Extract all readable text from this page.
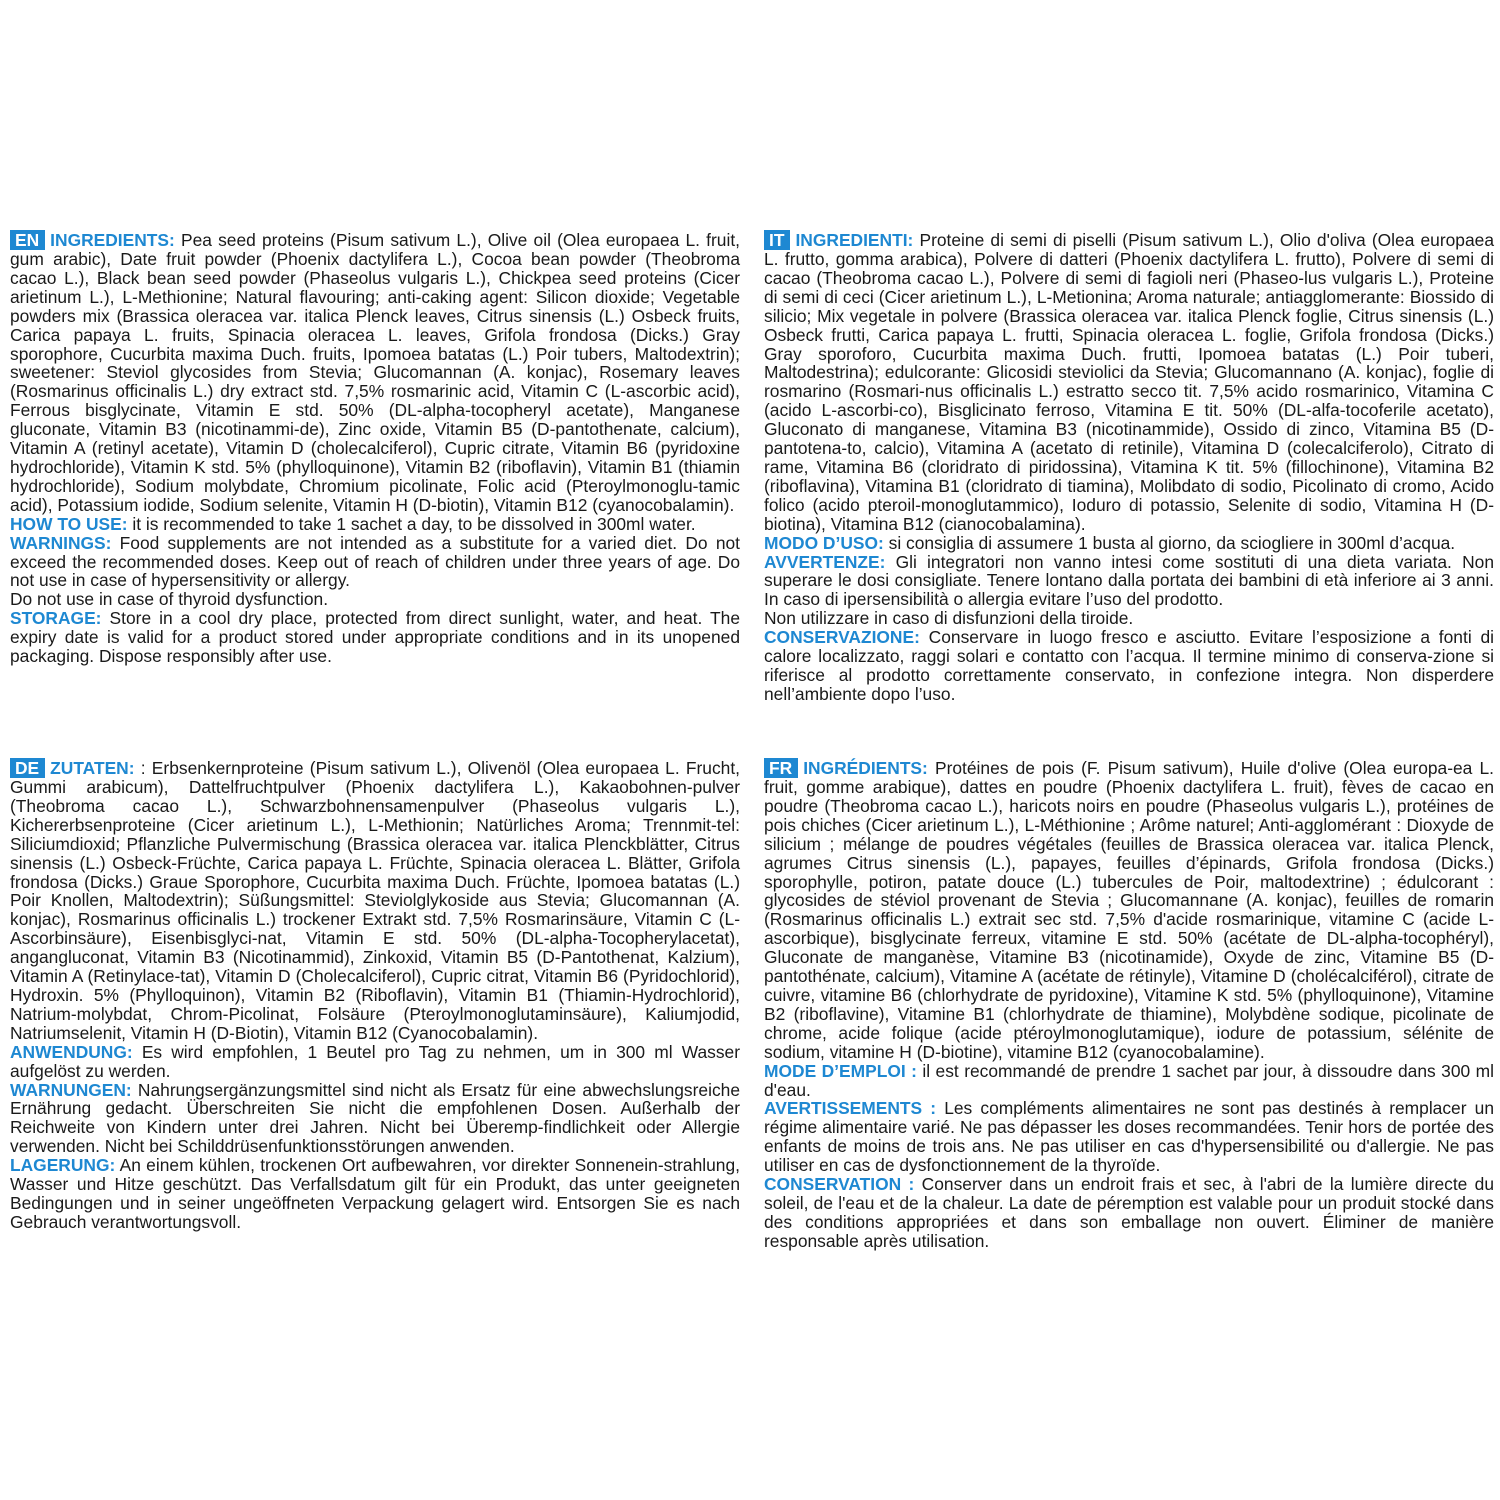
EN INGREDIENTS: Pea seed proteins (Pisum sativum L.), Olive oil (Olea europaea L. fruit, gum arabic), Date fruit powder (Phoenix dactylifera L.), Cocoa bean powder (Theobroma cacao L.), Black bean seed powder (Phaseolus vulgaris L.), Chickpea seed proteins (Cicer arietinum L.), L-Methionine; Natural flavouring; anti-caking agent: Silicon dioxide; Vegetable powders mix (Brassica oleracea var. italica Plenck leaves, Citrus sinensis (L.) Osbeck fruits, Carica papaya L. fruits, Spinacia oleracea L. leaves, Grifola frondosa (Dicks.) Gray sporophore, Cucurbita maxima Duch. fruits, Ipomoea batatas (L.) Poir tubers, Maltodextrin); sweetener: Steviol glycosides from Stevia; Glucomannan (A. konjac), Rosemary leaves (Rosmarinus officinalis L.) dry extract std. 7,5% rosmarinic acid, Vitamin C (L-ascorbic acid), Ferrous bisglycinate, Vitamin E std. 50% (DL-alpha-tocopheryl acetate), Manganese gluconate, Vitamin B3 (nicotinammi-de), Zinc oxide, Vitamin B5 (D-pantothenate, calcium), Vitamin A (retinyl acetate), Vitamin D (cholecalciferol), Cupric citrate, Vitamin B6 (pyridoxine hydrochloride), Vitamin K std. 5% (phylloquinone), Vitamin B2 (riboflavin), Vitamin B1 (thiamin hydrochloride), Sodium molybdate, Chromium picolinate, Folic acid (Pteroylmonoglu-tamic acid), Potassium iodide, Sodium selenite, Vitamin H (D-biotin), Vitamin B12 (cyanocobalamin).

HOW TO USE: it is recommended to take 1 sachet a day, to be dissolved in 300ml water.

WARNINGS: Food supplements are not intended as a substitute for a varied diet. Do not exceed the recommended doses. Keep out of reach of children under three years of age. Do not use in case of hypersensitivity or allergy.

Do not use in case of thyroid dysfunction.

STORAGE: Store in a cool dry place, protected from direct sunlight, water, and heat. The expiry date is valid for a product stored under appropriate conditions and in its unopened packaging. Dispose responsibly after use.

IT INGREDIENTI: Proteine di semi di piselli (Pisum sativum L.), Olio d'oliva (Olea europaea L. frutto, gomma arabica), Polvere di datteri (Phoenix dactylifera L. frutto), Polvere di semi di cacao (Theobroma cacao L.), Polvere di semi di fagioli neri (Phaseo-lus vulgaris L.), Proteine di semi di ceci (Cicer arietinum L.), L-Metionina; Aroma naturale; antiagglomerante: Biossido di silicio; Mix vegetale in polvere (Brassica oleracea var. italica Plenck foglie, Citrus sinensis (L.) Osbeck frutti, Carica papaya L. frutti, Spinacia oleracea L. foglie, Grifola frondosa (Dicks.) Gray sporoforo, Cucurbita maxima Duch. frutti, Ipomoea batatas (L.) Poir tuberi, Maltodestrina); edulcorante: Glicosidi steviolici da Stevia; Glucomannano (A. konjac), foglie di rosmarino (Rosmari-nus officinalis L.) estratto secco tit. 7,5% acido rosmarinico, Vitamina C (acido L-ascorbi-co), Bisglicinato ferroso, Vitamina E tit. 50% (DL-alfa-tocoferile acetato), Gluconato di manganese, Vitamina B3 (nicotinammide), Ossido di zinco, Vitamina B5 (D-pantotena-to, calcio), Vitamina A (acetato di retinile), Vitamina D (colecalciferolo), Citrato di rame, Vitamina B6 (cloridrato di piridossina), Vitamina K tit. 5% (fillochinone), Vitamina B2 (riboflavina), Vitamina B1 (cloridrato di tiamina), Molibdato di sodio, Picolinato di cromo, Acido folico (acido pteroil-monoglutammico), Ioduro di potassio, Selenite di sodio, Vitamina H (D-biotina), Vitamina B12 (cianocobalamina).

MODO D’USO: si consiglia di assumere 1 busta al giorno, da sciogliere in 300ml d’acqua.

AVVERTENZE: Gli integratori non vanno intesi come sostituti di una dieta variata. Non superare le dosi consigliate. Tenere lontano dalla portata dei bambini di età inferiore ai 3 anni. In caso di ipersensibilità o allergia evitare l’uso del prodotto.

Non utilizzare in caso di disfunzioni della tiroide.

CONSERVAZIONE: Conservare in luogo fresco e asciutto. Evitare l’esposizione a fonti di calore localizzato, raggi solari e contatto con l’acqua. Il termine minimo di conserva-zione si riferisce al prodotto correttamente conservato, in confezione integra. Non disperdere nell’ambiente dopo l’uso.

DE ZUTATEN: : Erbsenkernproteine (Pisum sativum L.), Olivenöl (Olea europaea L. Frucht, Gummi arabicum), Dattelfruchtpulver (Phoenix dactylifera L.), Kakaobohnen-pulver (Theobroma cacao L.), Schwarzbohnensamenpulver (Phaseolus vulgaris L.), Kichererbsenproteine (Cicer arietinum L.), L-Methionin; Natürliches Aroma; Trennmit-tel: Siliciumdioxid; Pflanzliche Pulvermischung (Brassica oleracea var. italica Plenckblätter, Citrus sinensis (L.) Osbeck-Früchte, Carica papaya L. Früchte, Spinacia oleracea L. Blätter, Grifola frondosa (Dicks.) Graue Sporophore, Cucurbita maxima Duch. Früchte, Ipomoea batatas (L.) Poir Knollen, Maltodextrin); Süßungsmittel: Steviolglykoside aus Stevia; Glucomannan (A. konjac), Rosmarinus officinalis L.) trockener Extrakt std. 7,5% Rosmarinsäure, Vitamin C (L-Ascorbinsäure), Eisenbisglyci-nat, Vitamin E std. 50% (DL-alpha-Tocopherylacetat), angangluconat, Vitamin B3 (Nicotinammid), Zinkoxid, Vitamin B5 (D-Pantothenat, Kalzium), Vitamin A (Retinylace-tat), Vitamin D (Cholecalciferol), Cupric citrat, Vitamin B6 (Pyridochlorid), Hydroxin. 5% (Phylloquinon), Vitamin B2 (Riboflavin), Vitamin B1 (Thiamin-Hydrochlorid), Natrium-molybdat, Chrom-Picolinat, Folsäure (Pteroylmonoglutaminsäure), Kaliumjodid, Natriumselenit, Vitamin H (D-Biotin), Vitamin B12 (Cyanocobalamin).

ANWENDUNG: Es wird empfohlen, 1 Beutel pro Tag zu nehmen, um in 300 ml Wasser aufgelöst zu werden.

WARNUNGEN: Nahrungsergänzungsmittel sind nicht als Ersatz für eine abwechslungsreiche Ernährung gedacht. Überschreiten Sie nicht die empfohlenen Dosen. Außerhalb der Reichweite von Kindern unter drei Jahren. Nicht bei Überemp-findlichkeit oder Allergie verwenden. Nicht bei Schilddrüsenfunktionsstörungen anwenden.

LAGERUNG: An einem kühlen, trockenen Ort aufbewahren, vor direkter Sonnenein-strahlung, Wasser und Hitze geschützt. Das Verfallsdatum gilt für ein Produkt, das unter geeigneten Bedingungen und in seiner ungeöffneten Verpackung gelagert wird. Entsorgen Sie es nach Gebrauch verantwortungsvoll.

FR INGRÉDIENTS: Protéines de pois (F. Pisum sativum), Huile d'olive (Olea europa-ea L. fruit, gomme arabique), dattes en poudre (Phoenix dactylifera L. fruit), fèves de cacao en poudre (Theobroma cacao L.), haricots noirs en poudre (Phaseolus vulgaris L.), protéines de pois chiches (Cicer arietinum L.), L-Méthionine ; Arôme naturel; Anti-agglomérant : Dioxyde de silicium ; mélange de poudres végétales (feuilles de Brassica oleracea var. italica Plenck, agrumes Citrus sinensis (L.), papayes, feuilles d’épinards, Grifola frondosa (Dicks.) sporophylle, potiron, patate douce (L.) tubercules de Poir, maltodextrine) ; édulcorant : glycosides de stéviol provenant de Stevia ; Glucomannane (A. konjac), feuilles de romarin (Rosmarinus officinalis L.) extrait sec std. 7,5% d'acide rosmarinique, vitamine C (acide L-ascorbique), bisglycinate ferreux, vitamine E std. 50% (acétate de DL-alpha-tocophéryl), Gluconate de manganèse, Vitamine B3 (nicotinamide), Oxyde de zinc, Vitamine B5 (D-pantothénate, calcium), Vitamine A (acétate de rétinyle), Vitamine D (cholécalciférol), citrate de cuivre, vitamine B6 (chlorhydrate de pyridoxine), Vitamine K std. 5% (phylloquinone), Vitamine B2 (riboflavine), Vitamine B1 (chlorhydrate de thiamine), Molybdène sodique, picolinate de chrome, acide folique (acide ptéroylmonoglutamique), iodure de potassium, sélénite de sodium, vitamine H (D-biotine), vitamine B12 (cyanocobalamine).

MODE D’EMPLOI : il est recommandé de prendre 1 sachet par jour, à dissoudre dans 300 ml d'eau.

AVERTISSEMENTS : Les compléments alimentaires ne sont pas destinés à remplacer un régime alimentaire varié. Ne pas dépasser les doses recommandées. Tenir hors de portée des enfants de moins de trois ans. Ne pas utiliser en cas d'hypersensibilité ou d'allergie. Ne pas utiliser en cas de dysfonctionnement de la thyroïde.

CONSERVATION : Conserver dans un endroit frais et sec, à l'abri de la lumière directe du soleil, de l'eau et de la chaleur. La date de péremption est valable pour un produit stocké dans des conditions appropriées et dans son emballage non ouvert. Éliminer de manière responsable après utilisation.
